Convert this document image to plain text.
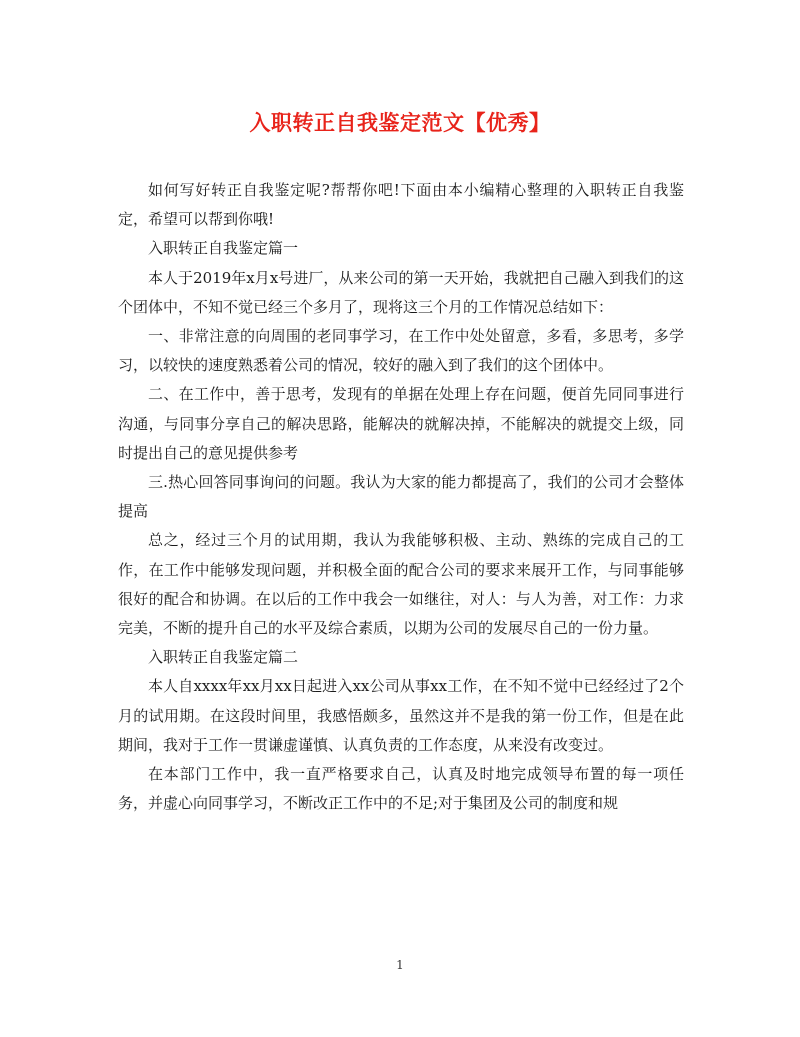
入职转正自我鉴定范文【优秀】

如何写好转正自我鉴定呢?帮帮你吧!下面由本小编精心整理的入职转正自我鉴定，希望可以帮到你哦!

入职转正自我鉴定篇一

本人于2019年x月x号进厂，从来公司的第一天开始，我就把自己融入到我们的这个团体中，不知不觉已经三个多月了，现将这三个月的工作情况总结如下：

一、非常注意的向周围的老同事学习，在工作中处处留意，多看，多思考，多学习，以较快的速度熟悉着公司的情况，较好的融入到了我们的这个团体中。

二、在工作中，善于思考，发现有的单据在处理上存在问题，便首先同同事进行沟通，与同事分享自己的解决思路，能解决的就解决掉，不能解决的就提交上级，同时提出自己的意见提供参考

三.热心回答同事询问的问题。我认为大家的能力都提高了，我们的公司才会整体提高

总之，经过三个月的试用期，我认为我能够积极、主动、熟练的完成自己的工作，在工作中能够发现问题，并积极全面的配合公司的要求来展开工作，与同事能够很好的配合和协调。在以后的工作中我会一如继往，对人：与人为善，对工作：力求完美，不断的提升自己的水平及综合素质，以期为公司的发展尽自己的一份力量。

入职转正自我鉴定篇二

本人自xxxx年xx月xx日起进入xx公司从事xx工作，在不知不觉中已经经过了2个月的试用期。在这段时间里，我感悟颇多，虽然这并不是我的第一份工作，但是在此期间，我对于工作一贯谦虚谨慎、认真负责的工作态度，从来没有改变过。

在本部门工作中，我一直严格要求自己，认真及时地完成领导布置的每一项任务，并虚心向同事学习，不断改正工作中的不足;对于集团及公司的制度和规

1
